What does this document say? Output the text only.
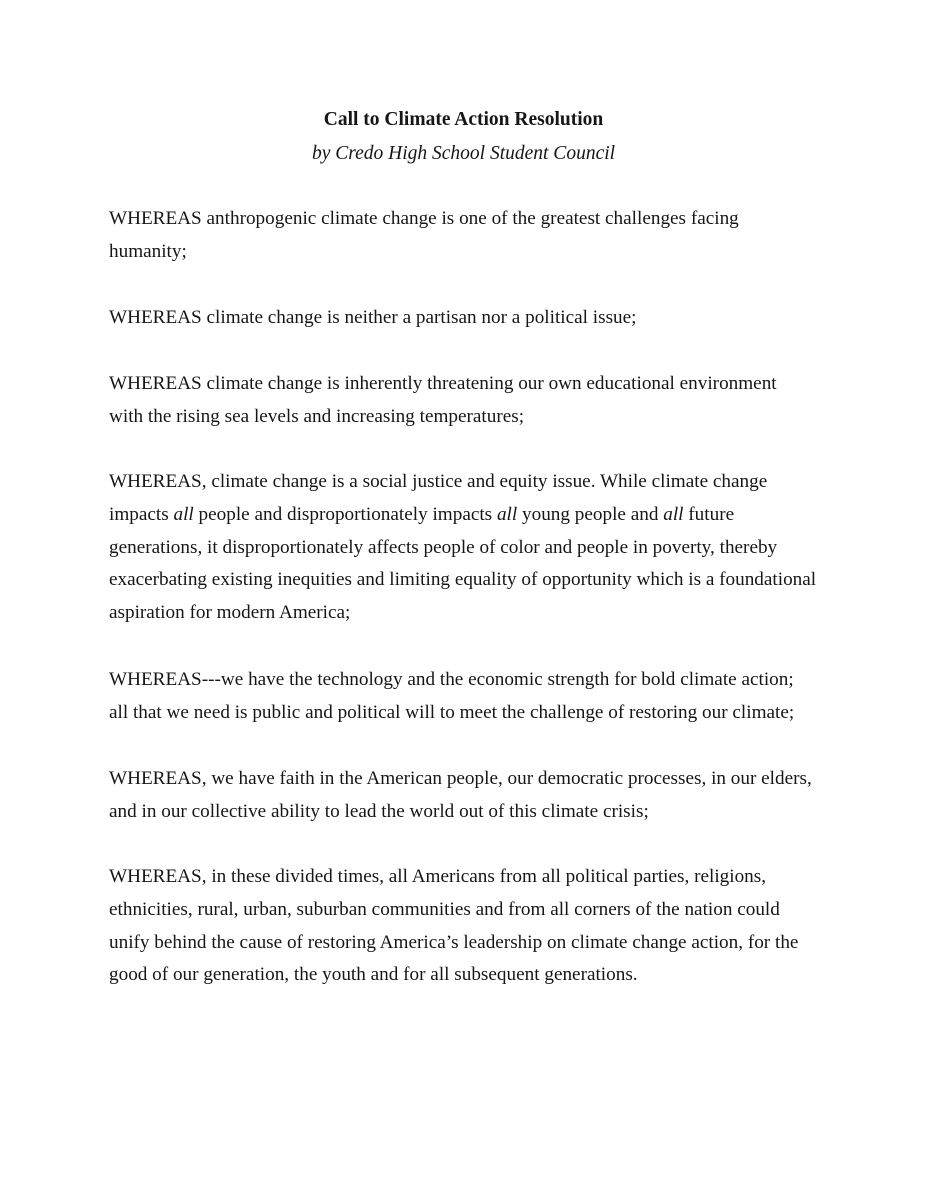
Call to Climate Action Resolution

by Credo High School Student Council

WHEREAS anthropogenic climate change is one of the greatest challenges facing
humanity;

WHEREAS climate change is neither a partisan nor a political issue;

WHEREAS climate change is inherently threatening our own educational environment
with the rising sea levels and increasing temperatures;

WHEREAS, climate change is a social justice and equity issue. While climate change
impacts all people and disproportionately impacts all young people and all future
generations, it disproportionately affects people of color and people in poverty, thereby
exacerbating existing inequities and limiting equality of opportunity which is a foundational
aspiration for modern America;

WHEREAS---we have the technology and the economic strength for bold climate action;
all that we need is public and political will to meet the challenge of restoring our climate;

WHEREAS, we have faith in the American people, our democratic processes, in our elders,
and in our collective ability to lead the world out of this climate crisis;

WHEREAS, in these divided times, all Americans from all political parties, religions,
ethnicities, rural, urban, suburban communities and from all corners of the nation could
unify behind the cause of restoring America’s leadership on climate change action, for the
good of our generation, the youth and for all subsequent generations.
